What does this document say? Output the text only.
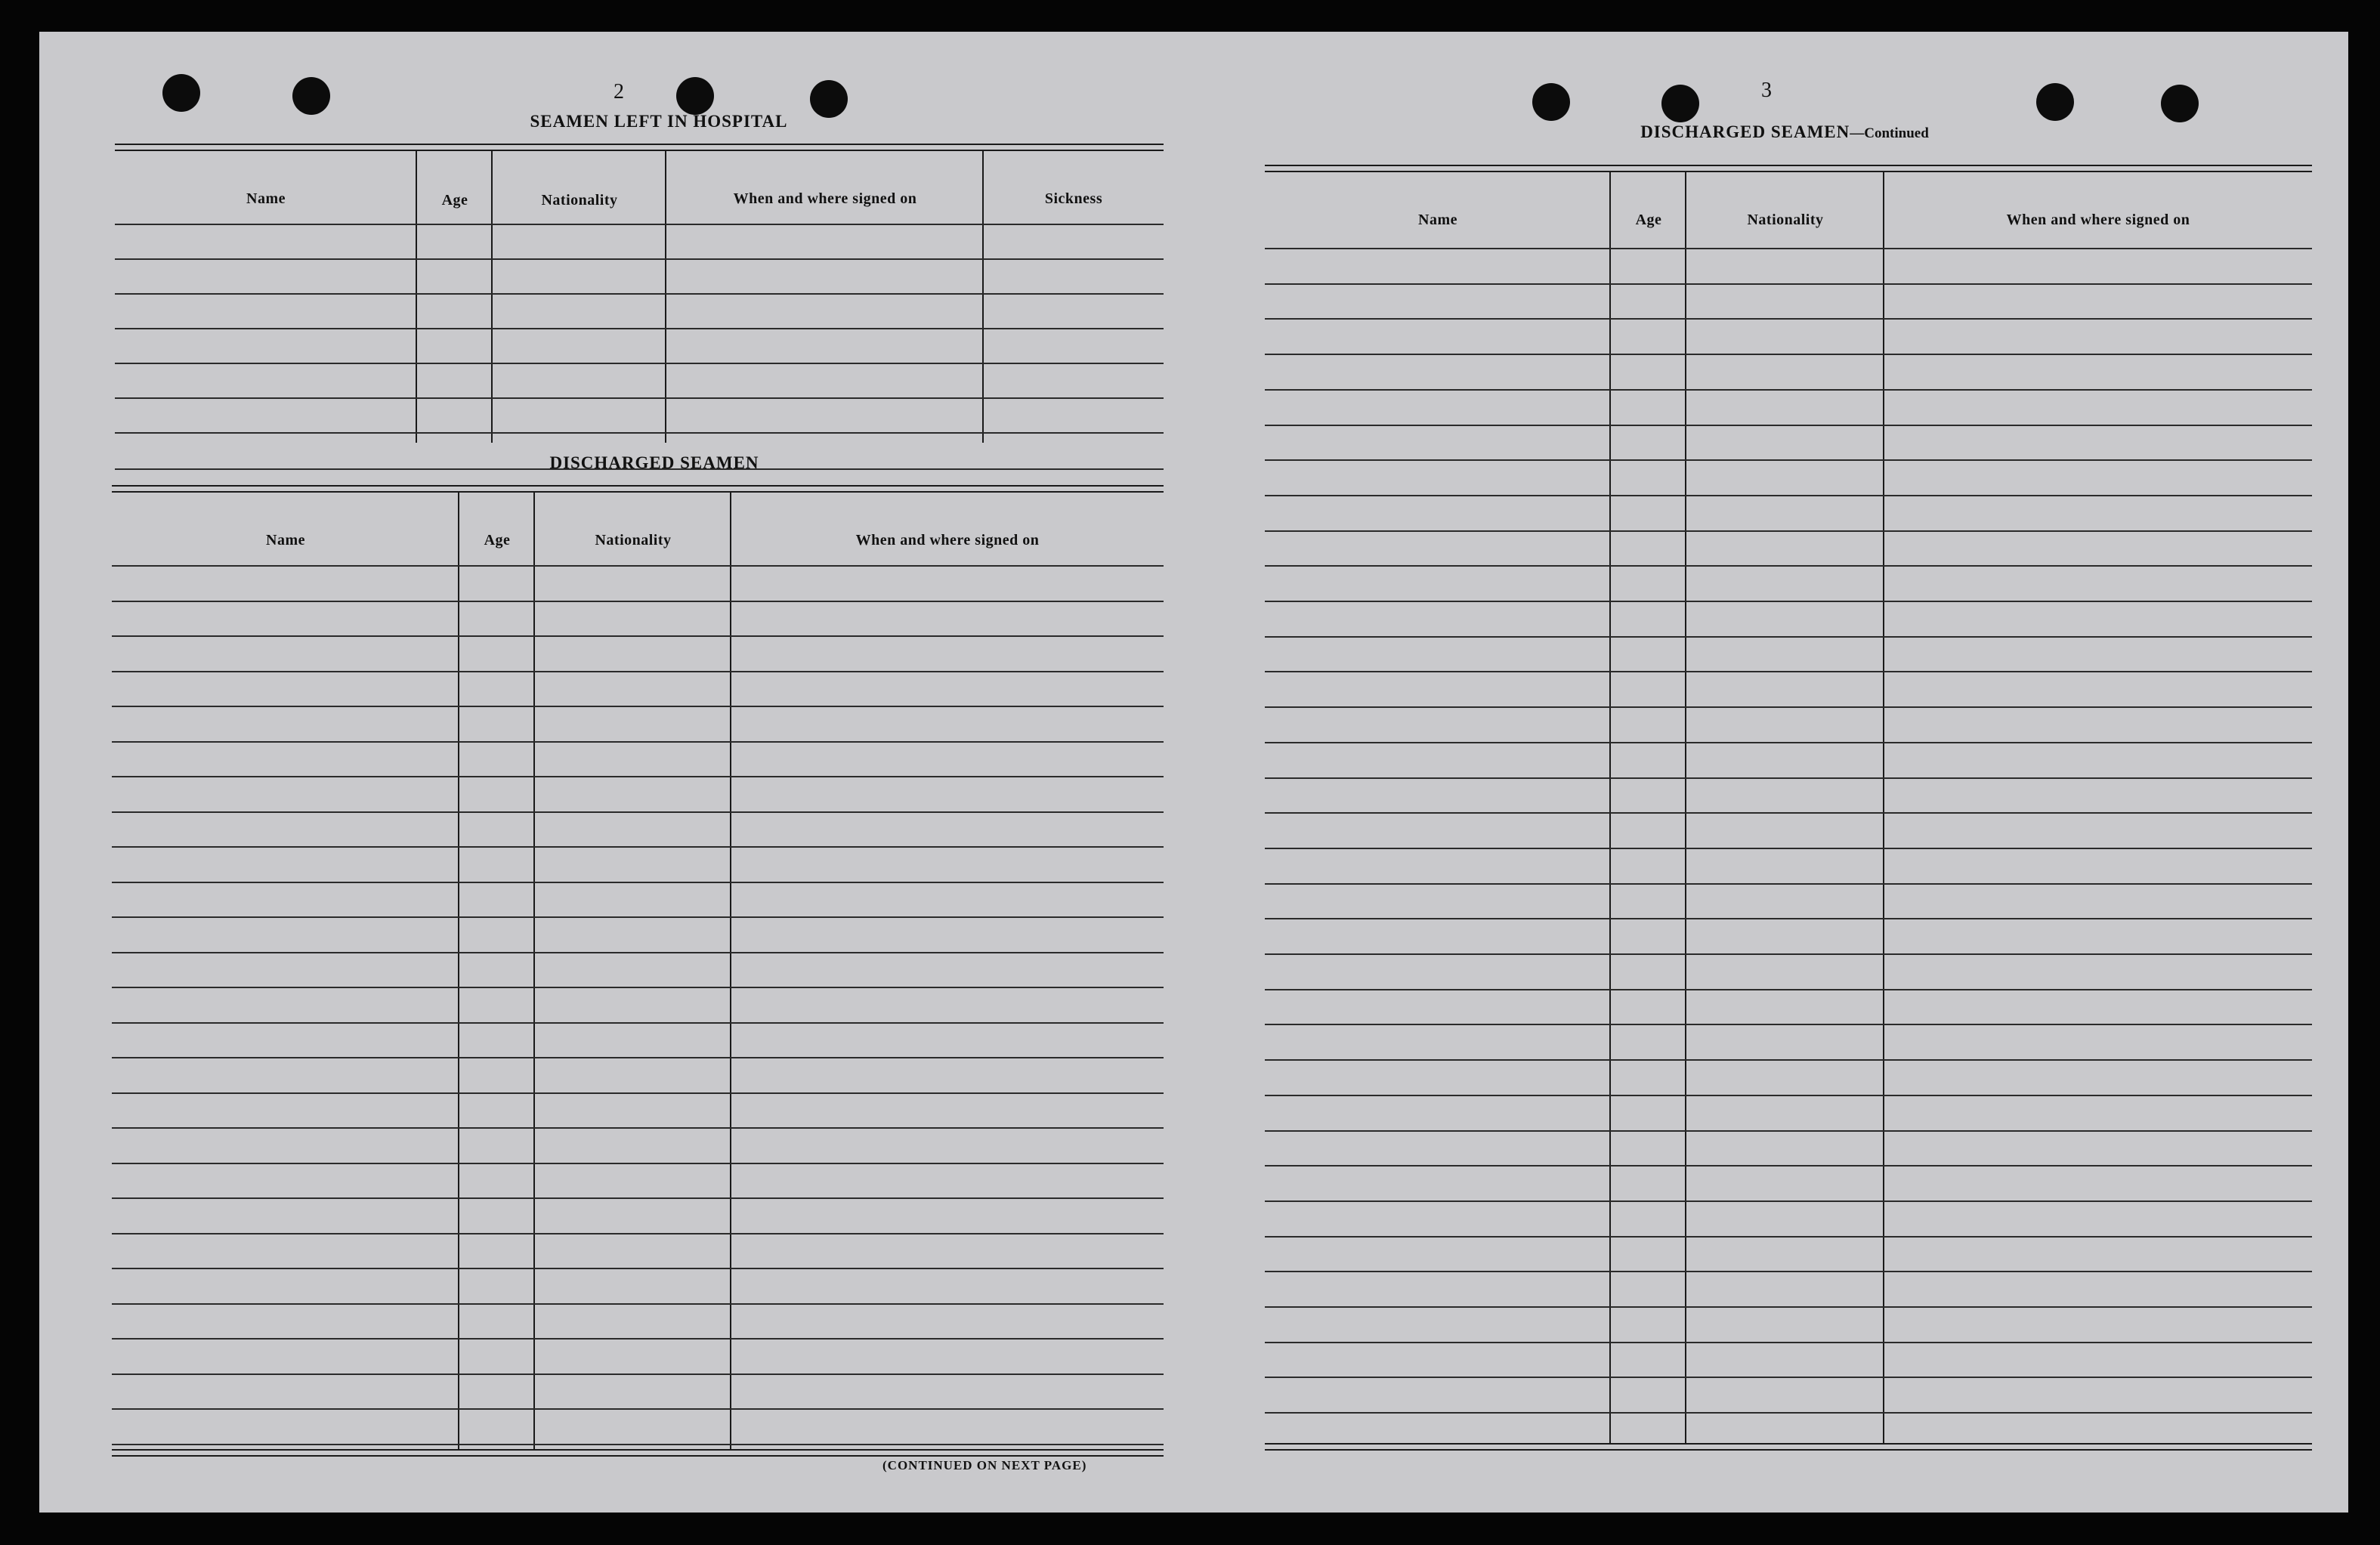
2
SEAMEN LEFT IN HOSPITAL
Name	Age	Nationality	When and where signed on	Sickness
DISCHARGED SEAMEN
Name	Age	Nationality	When and where signed on
(CONTINUED ON NEXT PAGE)
3
DISCHARGED SEAMEN—Continued
Name	Age	Nationality	When and where signed on
